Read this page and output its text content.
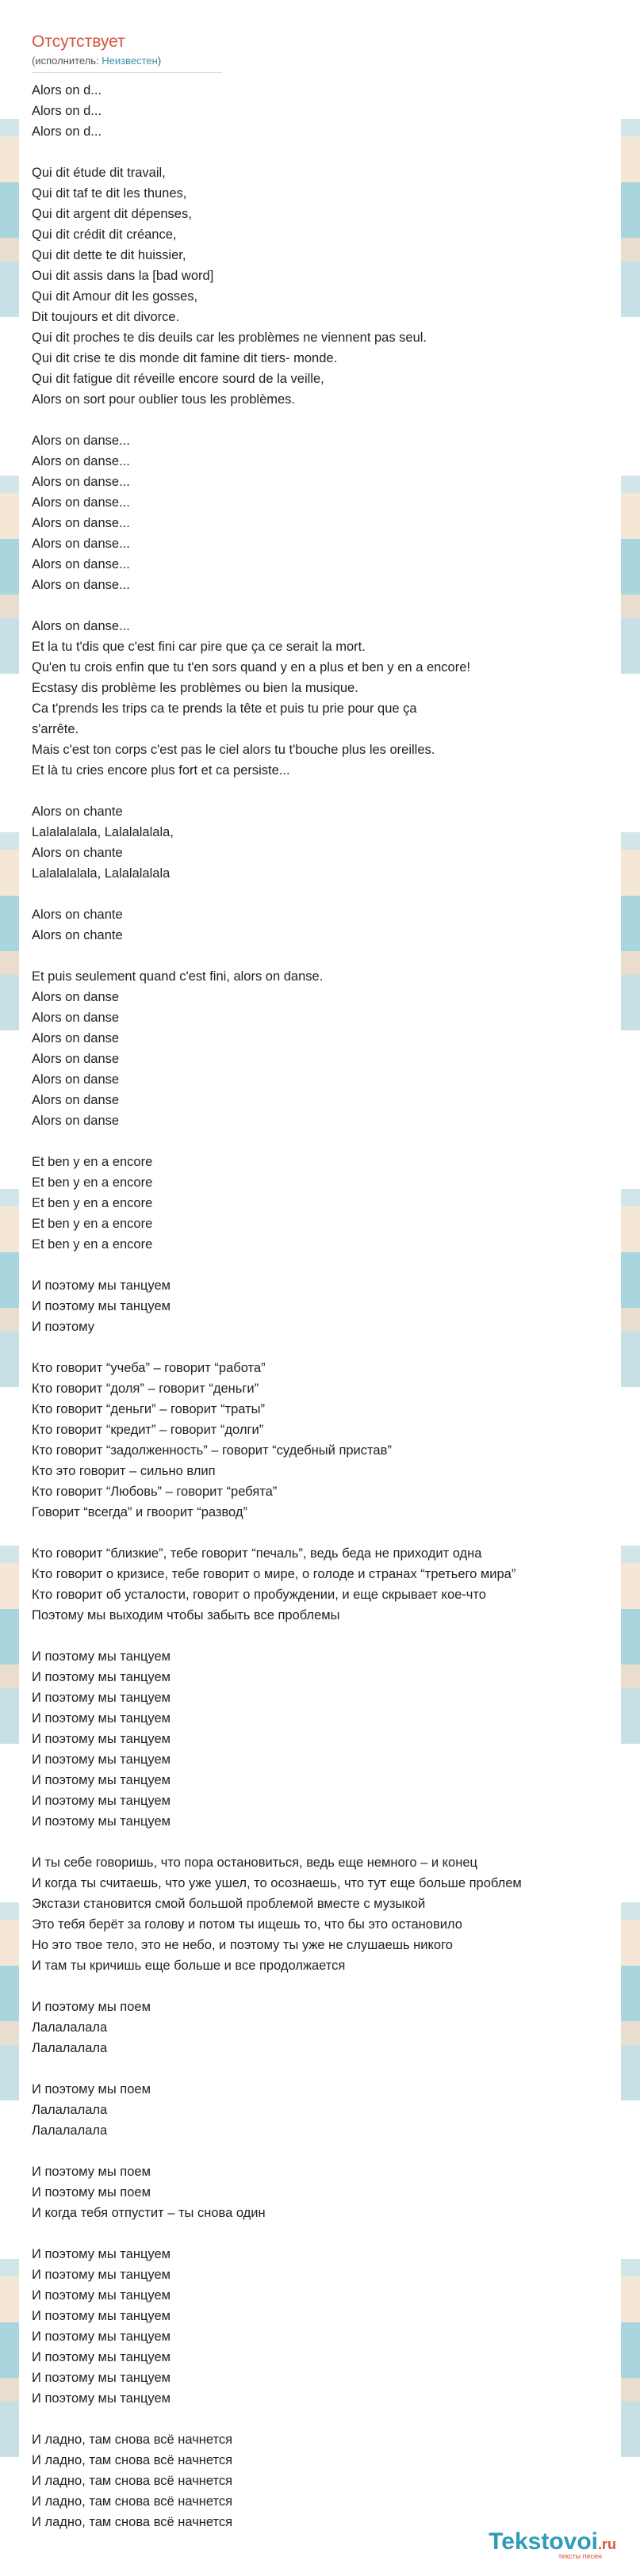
Отсутствует
(исполнитель: Неизвестен)
Alors on d...
Alors on d...
Alors on d...
Qui dit étude dit travail,
Qui dit taf te dit les thunes,
Qui dit argent dit dépenses,
Qui dit crédit dit créance,
Qui dit dette te dit huissier,
Oui dit assis dans la [bad word]
Qui dit Amour dit les gosses,
Dit toujours et dit divorce.
Qui dit proches te dis deuils car les problèmes ne viennent pas seul.
Qui dit crise te dis monde dit famine dit tiers- monde.
Qui dit fatigue dit réveille encore sourd de la veille,
Alors on sort pour oublier tous les problèmes.
Alors on danse...
Alors on danse...
Alors on danse...
Alors on danse...
Alors on danse...
Alors on danse...
Alors on danse...
Alors on danse...
Alors on danse...
Et la tu t'dis que c'est fini car pire que ça ce serait la mort.
Qu'en tu crois enfin que tu t'en sors quand y en a plus et ben y en a encore!
Ecstasy dis problème les problèmes ou bien la musique.
Ca t'prends les trips ca te prends la tête et puis tu prie pour que ça
s'arrête.
Mais c'est ton corps c'est pas le ciel alors tu t'bouche plus les oreilles.
Et là tu cries encore plus fort et ca persiste...
Alors on chante
Lalalalalala, Lalalalalala,
Alors on chante
Lalalalalala, Lalalalalala
Alors on chante
Alors on chante
Et puis seulement quand c'est fini, alors on danse.
Alors on danse
Alors on danse
Alors on danse
Alors on danse
Alors on danse
Alors on danse
Alors on danse
Et ben y en a encore
Et ben y en a encore
Et ben y en a encore
Et ben y en a encore
Et ben y en a encore
И поэтому мы танцуем
И поэтому мы танцуем
И поэтому
Кто говорит “учеба” – говорит “работа”
Кто говорит “доля” – говорит “деньги”
Кто говорит “деньги” – говорит “траты”
Кто говорит “кредит” – говорит “долги”
Кто говорит “задолженность” – говорит “судебный пристав”
Кто это говорит – сильно влип
Кто говорит “Любовь” – говорит “ребята”
Говорит “всегда” и гвоорит “развод”
Кто говорит “близкие”, тебе говорит “печаль”, ведь беда не приходит одна
Кто говорит о кризисе, тебе говорит о мире, о голоде и странах “третьего мира”
Кто говорит об усталости, говорит о пробуждении, и еще скрывает кое-что
Поэтому мы выходим чтобы забыть все проблемы
И поэтому мы танцуем
И поэтому мы танцуем
И поэтому мы танцуем
И поэтому мы танцуем
И поэтому мы танцуем
И поэтому мы танцуем
И поэтому мы танцуем
И поэтому мы танцуем
И поэтому мы танцуем
И ты себе говоришь, что пора остановиться, ведь еще немного – и конец
И когда ты считаешь, что уже ушел, то осознаешь, что тут еще больше проблем
Экстази становится смой большой проблемой вместе с музыкой
Это тебя берёт за голову и потом ты ищешь то, что бы это остановило
Но это твое тело, это не небо, и поэтому ты уже не слушаешь никого
И там ты кричишь еще больше и все продолжается
И поэтому мы поем
Лалалалала
Лалалалала
И поэтому мы поем
Лалалалала
Лалалалала
И поэтому мы поем
И поэтому мы поем
И когда тебя отпустит – ты снова один
И поэтому мы танцуем
И поэтому мы танцуем
И поэтому мы танцуем
И поэтому мы танцуем
И поэтому мы танцуем
И поэтому мы танцуем
И поэтому мы танцуем
И поэтому мы танцуем
И ладно, там снова всё начнется
И ладно, там снова всё начнется
И ладно, там снова всё начнется
И ладно, там снова всё начнется
И ладно, там снова всё начнется
Tekstovoi.ru
тексты песен
